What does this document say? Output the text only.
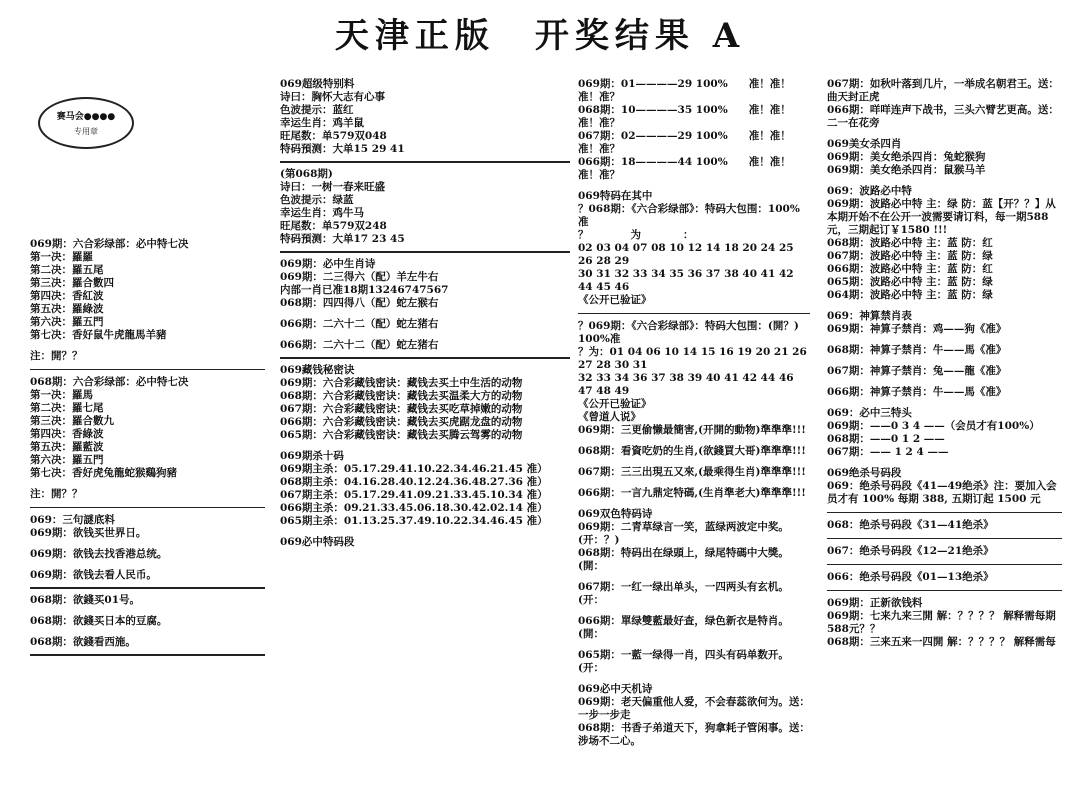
天津正版　开奖结果 A
赛马会●●●●
专用章
069期：六合彩绿部：必中特七决
第一决：羅羅
第二决：羅五尾
第三决：羅合數四
第四决：香紅波
第五决：羅綠波
第六决：羅五門
第七决：香好鼠牛虎龍馬羊豬
注：開？？
068期：六合彩绿部：必中特七决
第一决：羅馬
第二决：羅七尾
第三决：羅合數九
第四决：香綠波
第五决：羅藍波
第六决：羅五門
第七决：香好虎兔龍蛇猴鷄狗豬
注：開？？
069：三句謎底料
069期：欲钱买世界日。
069期：欲钱去找香港总统。
069期：欲钱去看人民币。
068期：欲錢买01号。
068期：欲錢买日本的豆腐。
068期：欲錢看西施。
069超级特别料
诗曰：胸怀大志有心事
色波提示：蓝红
幸运生肖：鸡羊鼠
旺尾数：单579双048
特码預测：大单15 29 41
(第068期)
诗曰：一树一春来旺盛
色波提示：绿蓝
幸运生肖：鸡牛马
旺尾数：单579双248
特码預测：大单17 23 45
069期：必中生肖诗
069期：二三得六（配）羊左牛右
内部一肖已准18期13246747567
068期：四四得八（配）蛇左猴右
066期：二六十二（配）蛇左猪右
066期：二六十二（配）蛇左猪右
069藏钱秘密诀
069期：六合彩藏钱密诀：藏钱去买土中生活的动物
068期：六合彩藏钱密诀：藏钱去买温柔大方的动物
067期：六合彩藏钱密诀：藏钱去买吃草掉嫩的动物
066期：六合彩藏钱密诀：藏钱去买虎踞龙盘的动物
065期：六合彩藏钱密诀：藏钱去买腾云驾雾的动物
069期杀十码
069期主杀：05.17.29.41.10.22.34.46.21.45 准）
068期主杀：04.16.28.40.12.24.36.48.27.36 准）
067期主杀：05.17.29.41.09.21.33.45.10.34 准）
066期主杀：09.21.33.45.06.18.30.42.02.14 准）
065期主杀：01.13.25.37.49.10.22.34.46.45 准）
069必中特码段
069期：01————29 100%　　准！准！准！准？
068期：10————35 100%　　准！准！准！准？
067期：02————29 100%　　准！准！准！准？
066期：18————44 100%　　准！准！准！准？
069特码在其中
？068期：《六合彩绿部》：特码大包围：100%准
？　　　　为　　　　：
02 03 04 07 08 10 12 14 18 20 24 25 26 28 29
30 31 32 33 34 35 36 37 38 40 41 42 44 45 46
《公开已验证》
？069期：《六合彩绿部》：特码大包围：(開？) 100%准
？为：01 04 06 10 14 15 16 19 20 21 26 27 28 30 31
32 33 34 36 37 38 39 40 41 42 44 46 47 48 49
《公开已验证》
《曾道人说》
069期：三更偷懒最簡害,(开開的動物)準準準!!!
068期：看資吃奶的生肖,(欲錢買大哥)準準準!!!
067期：三三出現五又來,(最乘得生肖)準準準!!!
066期：一言九鼎定特碼,(生肖準老大)準準準!!!
069双色特码诗
069期：二青草绿言一笑，蓝绿两波定中奖。(开：？)
068期：特码出在绿頭上，绿尾特碼中大獎。(開：
067期：一红一绿出单头，一四两头有玄机。(开：
066期：單绿雙藍最好查，绿色新衣是特肖。(開：
065期：一藍一绿得一肖，四头有码单数开。(开：
069必中天机诗
069期：老天偏重他人爱，不会春蕊欲何为。送：一步一步走
068期：书香子弟道天下，狗拿耗子管闲事。送：涉场不二心。
067期：如秋叶落到几片，一举成名朝君王。送：曲天封正虎
066期：咩咩连声下战书，三头六臂艺更高。送：二一在花旁
069美女杀四肖
069期：美女绝杀四肖：兔蛇猴狗
069期：美女绝杀四肖：鼠猴马羊
069：波路必中特
069期：波路必中特 主：绿 防：蓝【开？？】从本期开始不在公开一波需要请订料，每一期588元，三期起订￥1580 !!!
068期：波路必中特 主：蓝 防：红
067期：波路必中特 主：蓝 防：绿
066期：波路必中特 主：蓝 防：红
065期：波路必中特 主：蓝 防：绿
064期：波路必中特 主：蓝 防：绿
069：神算禁肖表
069期：神算子禁肖：鸡——狗《准》
068期：神算子禁肖：牛——馬《准》
067期：神算子禁肖：兔——龍《准》
066期：神算子禁肖：牛——馬《准》
069：必中三特头
069期：——0 3 4 ——（会员才有100%）
068期：——0 1 2 ——
067期：—— 1 2 4 ——
069绝杀号码段
069：绝杀号码段《41—49绝杀》注：要加入会员才有 100% 每期 388, 五期订起 1500 元
068：绝杀号码段《31—41绝杀》
067：绝杀号码段《12—21绝杀》
066：绝杀号码段《01—13绝杀》
069期：正新欲钱料
069期：七来九来三開 解：？？？？ 解释需每期588元？？
068期：三来五来一四開 解：？？？？ 解释需每
